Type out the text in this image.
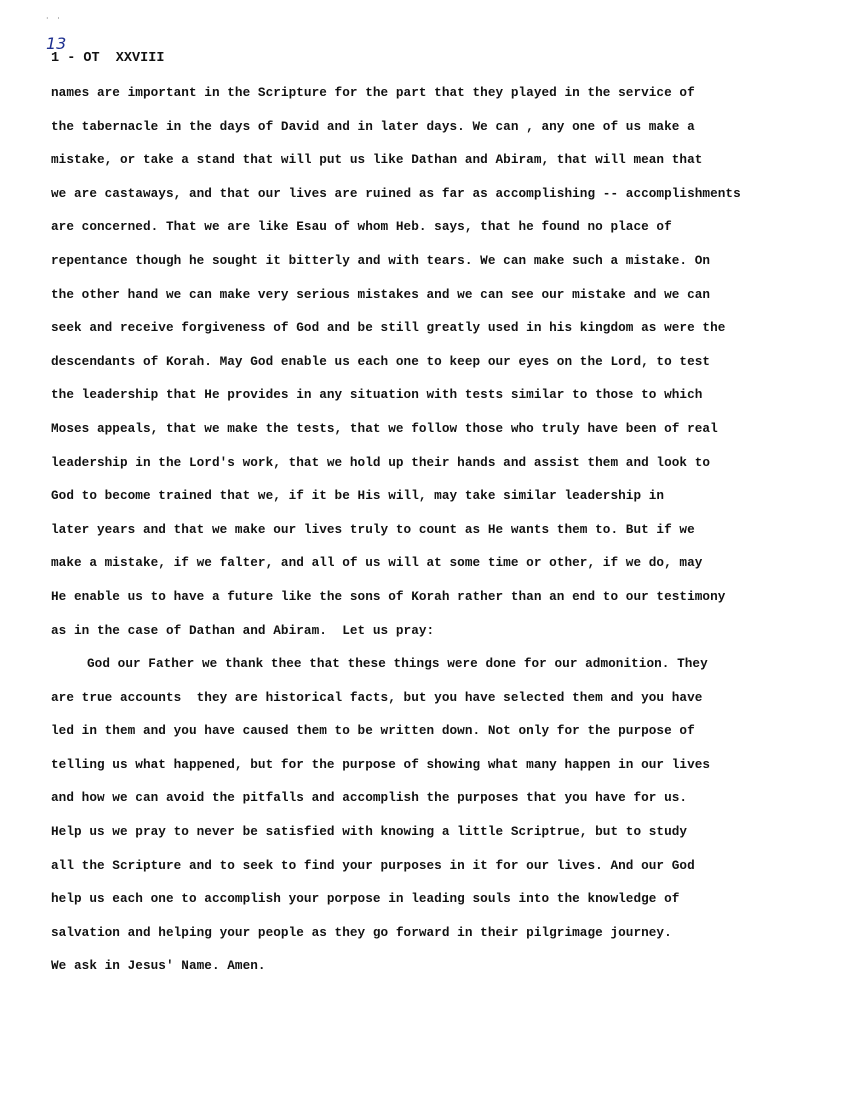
· ·
13
1 - OT  XXVIII
names are important in the Scripture for the part that they played in the service of
the tabernacle in the days of David and in later days. We can , any one of us make a
mistake, or take a stand that will put us like Dathan and Abiram, that will mean that
we are castaways, and that our lives are ruined as far as accomplishing -- accomplishments
are concerned. That we are like Esau of whom Heb. says, that he found no place of
repentance though he sought it bitterly and with tears. We can make such a mistake. On
the other hand we can make very serious mistakes and we can see our mistake and we can
seek and receive forgiveness of God and be still greatly used in his kingdom as were the
descendants of Korah. May God enable us each one to keep our eyes on the Lord, to test
the leadership that He provides in any situation with tests similar to those to which
Moses appeals, that we make the tests, that we follow those who truly have been of real
leadership in the Lord's work, that we hold up their hands and assist them and look to
God to become trained that we, if it be His will, may take similar leadership in
later years and that we make our lives truly to count as He wants them to. But if we
make a mistake, if we falter, and all of us will at some time or other, if we do, may
He enable us to have a future like the sons of Korah rather than an end to our testimony
as in the case of Dathan and Abiram.  Let us pray:
God our Father we thank thee that these things were done for our admonition. They
are true accounts  they are historical facts, but you have selected them and you have
led in them and you have caused them to be written down. Not only for the purpose of
telling us what happened, but for the purpose of showing what many happen in our lives
and how we can avoid the pitfalls and accomplish the purposes that you have for us.
Help us we pray to never be satisfied with knowing a little Scriptrue, but to study
all the Scripture and to seek to find your purposes in it for our lives. And our God
help us each one to accomplish your porpose in leading souls into the knowledge of
salvation and helping your people as they go forward in their pilgrimage journey.
We ask in Jesus' Name. Amen.
